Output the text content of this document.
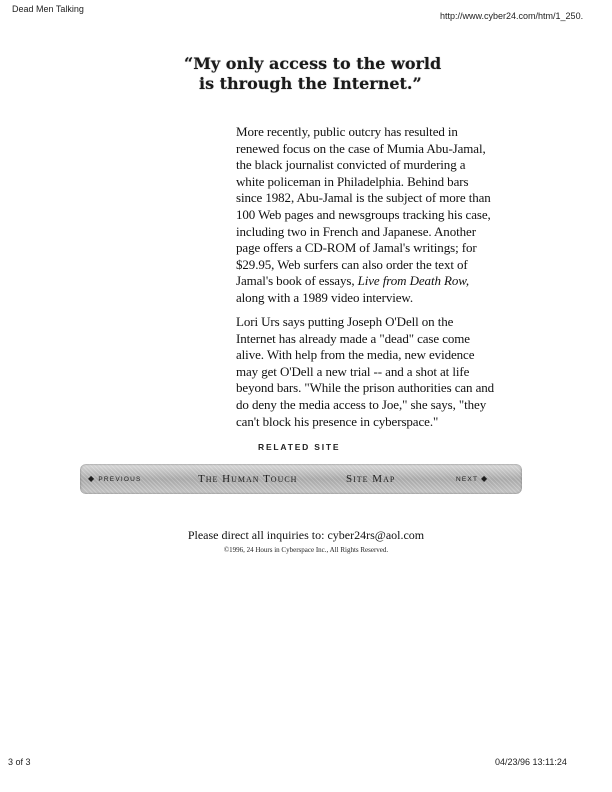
Dead Men Talking
http://www.cyber24.com/htm/1_250.
“My only access to the world
is through the Internet.”
More recently, public outcry has resulted in
renewed focus on the case of Mumia Abu-Jamal,
the black journalist convicted of murdering a
white policeman in Philadelphia. Behind bars
since 1982, Abu-Jamal is the subject of more than
100 Web pages and newsgroups tracking his case,
including two in French and Japanese. Another
page offers a CD-ROM of Jamal's writings; for
$29.95, Web surfers can also order the text of
Jamal's book of essays, Live from Death Row,
along with a 1989 video interview.
Lori Urs says putting Joseph O'Dell on the
Internet has already made a "dead" case come
alive. With help from the media, new evidence
may get O'Dell a new trial -- and a shot at life
beyond bars. "While the prison authorities can and
do deny the media access to Joe," she says, "they
can't block his presence in cyberspace."
RELATED SITE
◆ PREVIOUS	The Human Touch	Site Map	NEXT ◆
Please direct all inquiries to: cyber24rs@aol.com
©1996, 24 Hours in Cyberspace Inc., All Rights Reserved.
3 of 3	04/23/96 13:11:24
